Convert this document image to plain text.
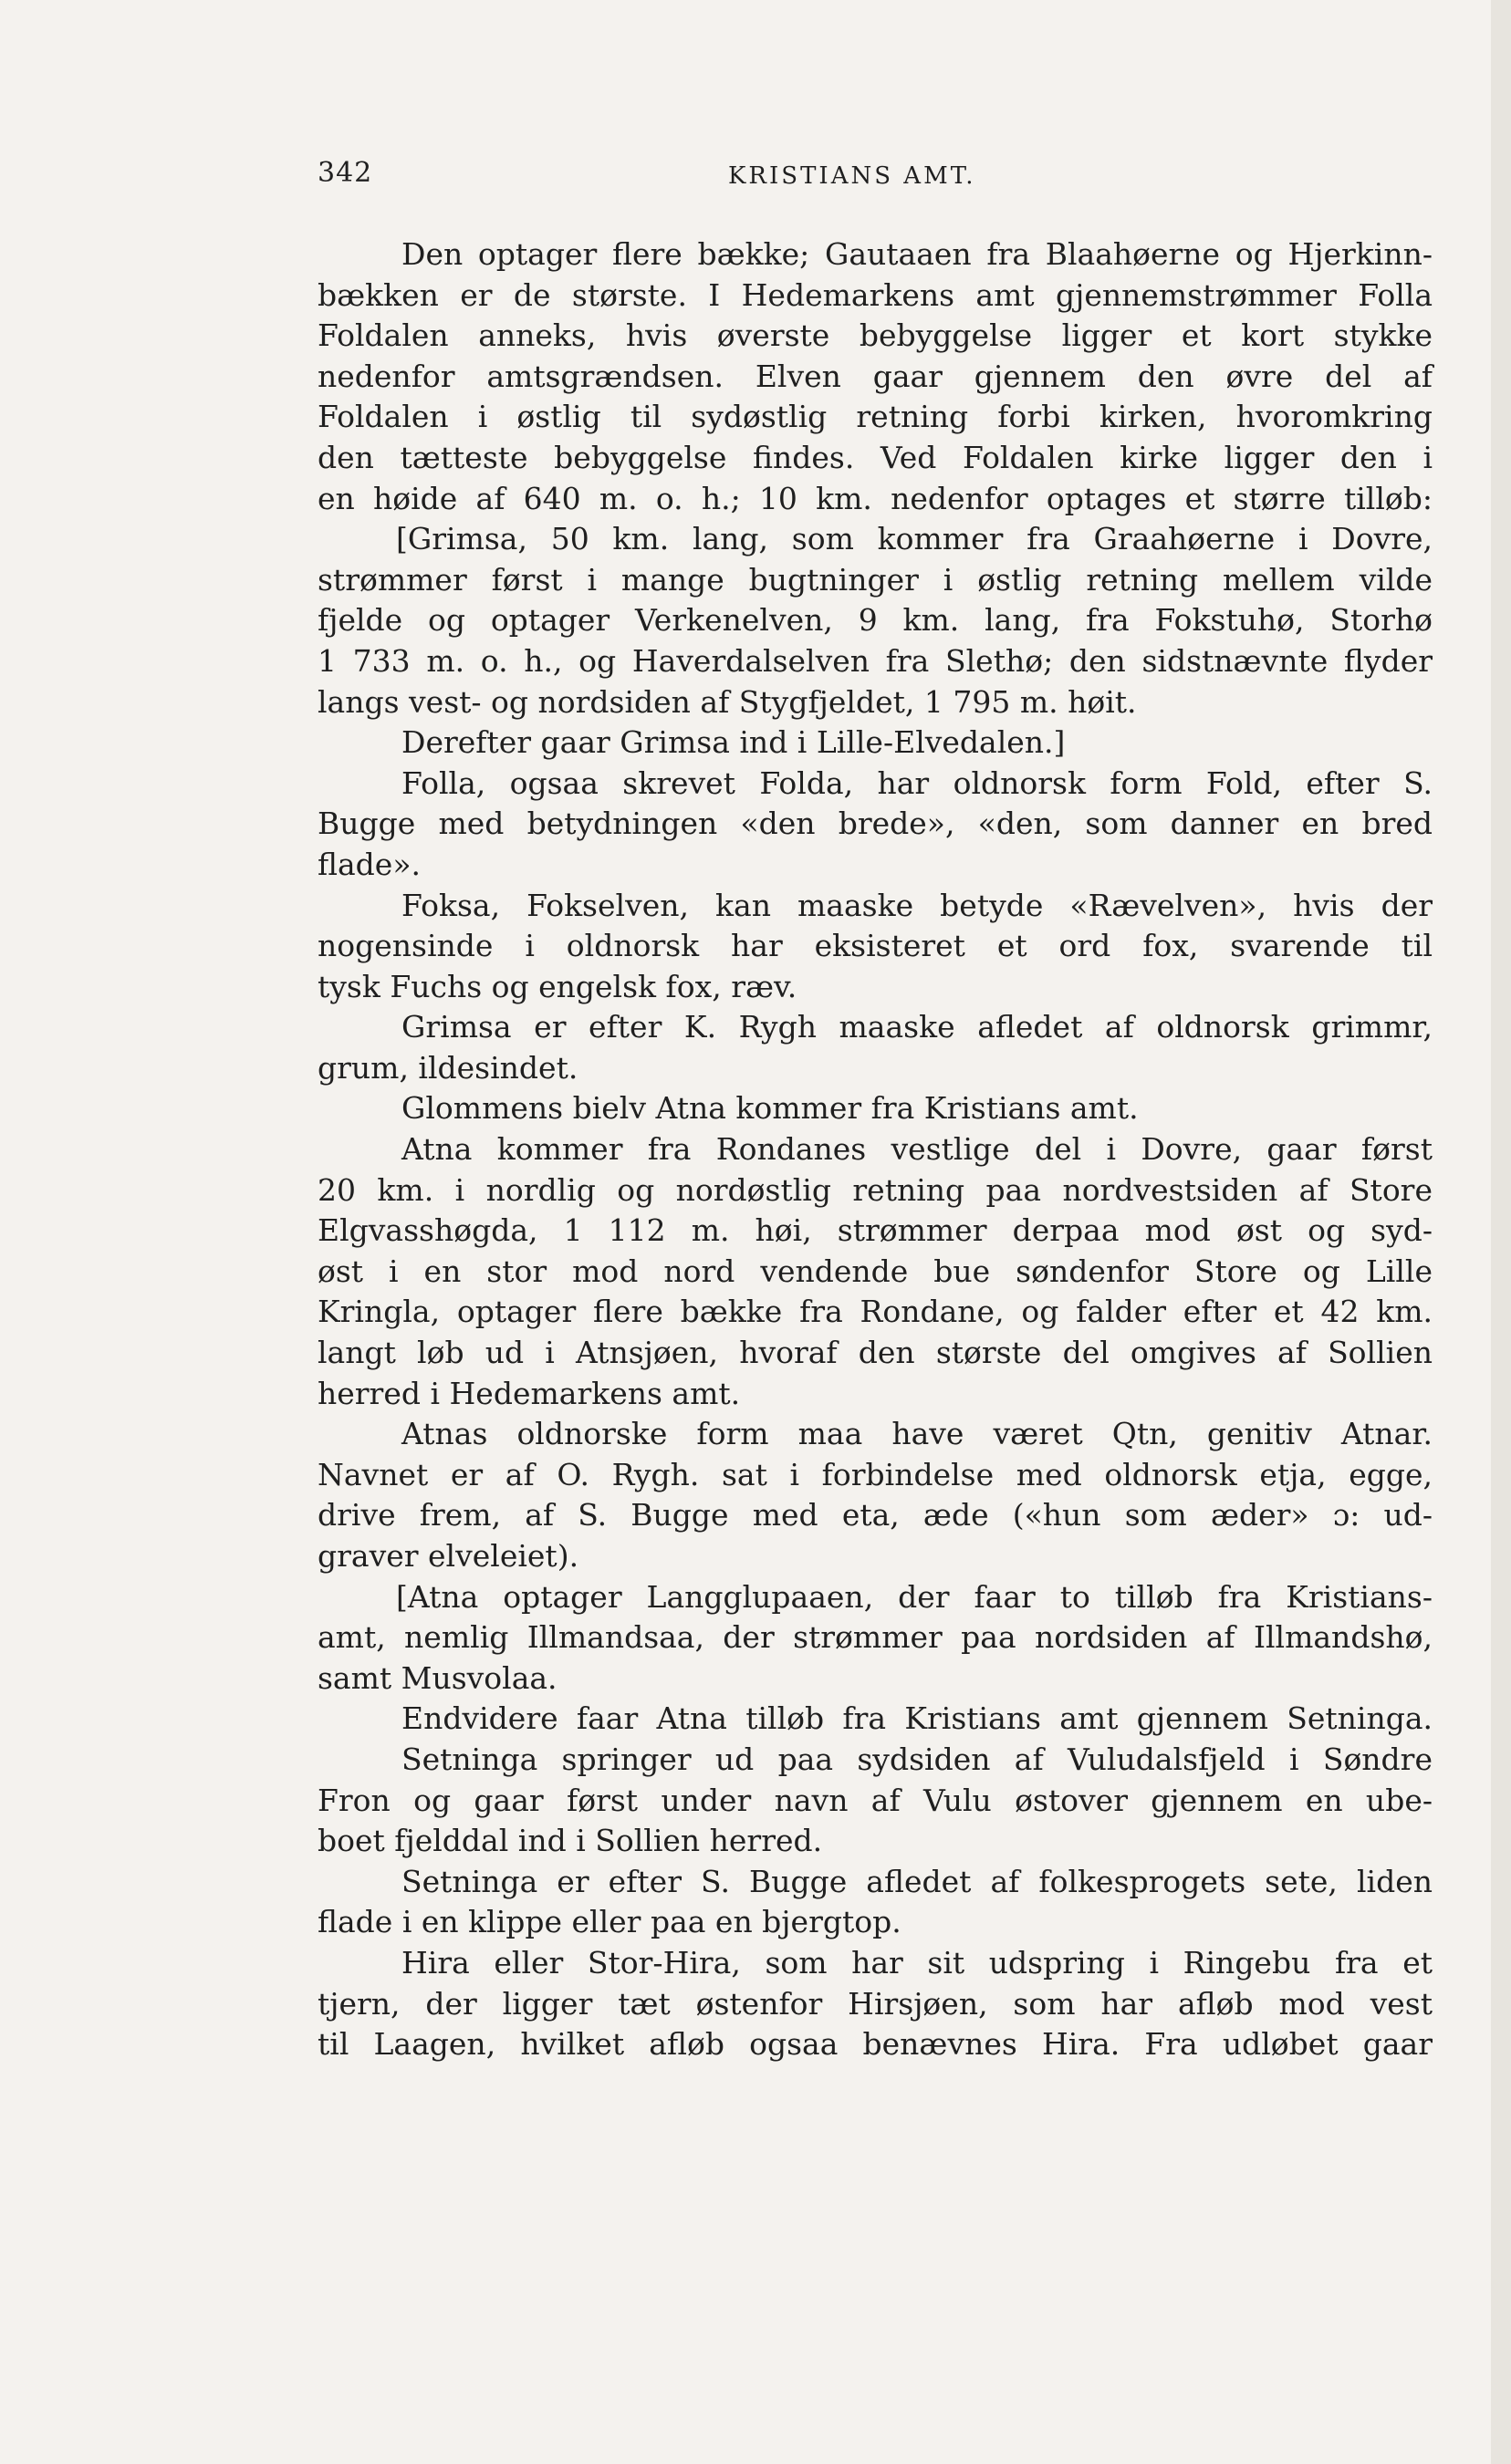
342	KRISTIANS AMT.
Den optager flere bække; Gautaaen fra Blaahøerne og Hjerkinn-
bækken er de største. I Hedemarkens amt gjennemstrømmer Folla
Foldalen anneks, hvis øverste bebyggelse ligger et kort stykke
nedenfor amtsgrændsen. Elven gaar gjennem den øvre del af
Foldalen i østlig til sydøstlig retning forbi kirken, hvoromkring
den tætteste bebyggelse findes. Ved Foldalen kirke ligger den i
en høide af 640 m. o. h.; 10 km. nedenfor optages et større tilløb:
[Grimsa, 50 km. lang, som kommer fra Graahøerne i Dovre,
strømmer først i mange bugtninger i østlig retning mellem vilde
fjelde og optager Verkenelven, 9 km. lang, fra Fokstuhø, Storhø
1 733 m. o. h., og Haverdalselven fra Slethø; den sidstnævnte flyder
langs vest- og nordsiden af Stygfjeldet, 1 795 m. høit.
Derefter gaar Grimsa ind i Lille-Elvedalen.]
Folla, ogsaa skrevet Folda, har oldnorsk form Fold, efter S.
Bugge med betydningen «den brede», «den, som danner en bred
flade».
Foksa, Fokselven, kan maaske betyde «Rævelven», hvis der
nogensinde i oldnorsk har eksisteret et ord fox, svarende til
tysk Fuchs og engelsk fox, ræv.
Grimsa er efter K. Rygh maaske afledet af oldnorsk grimmr,
grum, ildesindet.
Glommens bielv Atna kommer fra Kristians amt.
Atna kommer fra Rondanes vestlige del i Dovre, gaar først
20 km. i nordlig og nordøstlig retning paa nordvestsiden af Store
Elgvasshøgda, 1 112 m. høi, strømmer derpaa mod øst og syd-
øst i en stor mod nord vendende bue søndenfor Store og Lille
Kringla, optager flere bække fra Rondane, og falder efter et 42 km.
langt løb ud i Atnsjøen, hvoraf den største del omgives af Sollien
herred i Hedemarkens amt.
Atnas oldnorske form maa have været Qtn, genitiv Atnar.
Navnet er af O. Rygh. sat i forbindelse med oldnorsk etja, egge,
drive frem, af S. Bugge med eta, æde («hun som æder» ɔ: ud-
graver elveleiet).
[Atna optager Langglupaaen, der faar to tilløb fra Kristians-
amt, nemlig Illmandsaa, der strømmer paa nordsiden af Illmandshø,
samt Musvolaa.
Endvidere faar Atna tilløb fra Kristians amt gjennem Setninga.
Setninga springer ud paa sydsiden af Vuludalsfjeld i Søndre
Fron og gaar først under navn af Vulu østover gjennem en ube-
boet fjelddal ind i Sollien herred.
Setninga er efter S. Bugge afledet af folkesprogets sete, liden
flade i en klippe eller paa en bjergtop.
Hira eller Stor-Hira, som har sit udspring i Ringebu fra et
tjern, der ligger tæt østenfor Hirsjøen, som har afløb mod vest
til Laagen, hvilket afløb ogsaa benævnes Hira. Fra udløbet gaar
